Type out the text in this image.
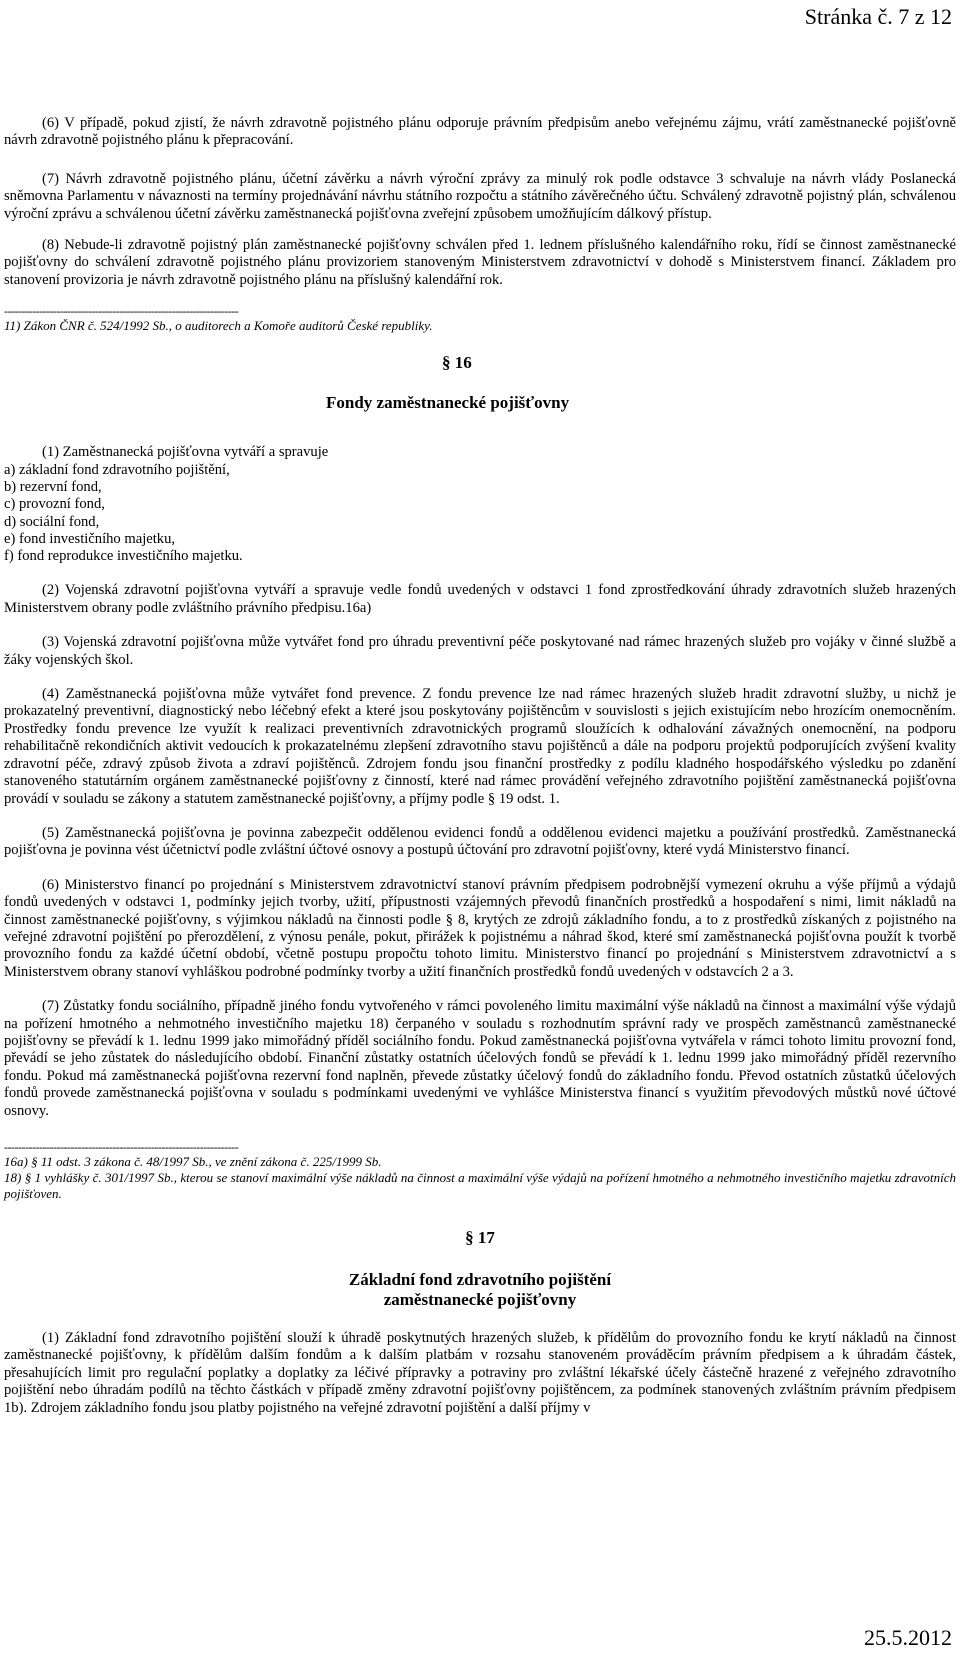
Stránka č. 7 z 12

(6) V případě, pokud zjistí, že návrh zdravotně pojistného plánu odporuje právním předpisům anebo veřejnému zájmu, vrátí zaměstnanecké pojišťovně návrh zdravotně pojistného plánu k přepracování.

(7) Návrh zdravotně pojistného plánu, účetní závěrku a návrh výroční zprávy za minulý rok podle odstavce 3 schvaluje na návrh vlády Poslanecká sněmovna Parlamentu v návaznosti na termíny projednávání návrhu státního rozpočtu a státního závěrečného účtu. Schválený zdravotně pojistný plán, schválenou výroční zprávu a schválenou účetní závěrku zaměstnanecká pojišťovna zveřejní způsobem umožňujícím dálkový přístup.

(8) Nebude-li zdravotně pojistný plán zaměstnanecké pojišťovny schválen před 1. lednem příslušného kalendářního roku, řídí se činnost zaměstnanecké pojišťovny do schválení zdravotně pojistného plánu provizoriem stanoveným Ministerstvem zdravotnictví v dohodě s Ministerstvem financí. Základem pro stanovení provizoria je návrh zdravotně pojistného plánu na příslušný kalendářní rok.

-------------------------------------------------------------------

11) Zákon ČNR č. 524/1992 Sb., o auditorech a Komoře auditorů České republiky.

§ 16
Fondy zaměstnanecké pojišťovny

(1) Zaměstnanecká pojišťovna vytváří a spravuje

a) základní fond zdravotního pojištění,
b) rezervní fond,
c) provozní fond,
d) sociální fond,
e) fond investičního majetku,
f) fond reprodukce investičního majetku.

(2) Vojenská zdravotní pojišťovna vytváří a spravuje vedle fondů uvedených v odstavci 1 fond zprostředkování úhrady zdravotních služeb hrazených Ministerstvem obrany podle zvláštního právního předpisu.16a)

(3) Vojenská zdravotní pojišťovna může vytvářet fond pro úhradu preventivní péče poskytované nad rámec hrazených služeb pro vojáky v činné službě a žáky vojenských škol.

(4) Zaměstnanecká pojišťovna může vytvářet fond prevence. Z fondu prevence lze nad rámec hrazených služeb hradit zdravotní služby, u nichž je prokazatelný preventivní, diagnostický nebo léčebný efekt a které jsou poskytovány pojištěncům v souvislosti s jejich existujícím nebo hrozícím onemocněním. Prostředky fondu prevence lze využít k realizaci preventivních zdravotnických programů sloužících k odhalování závažných onemocnění, na podporu rehabilitačně rekondičních aktivit vedoucích k prokazatelnému zlepšení zdravotního stavu pojištěnců a dále na podporu projektů podporujících zvýšení kvality zdravotní péče, zdravý způsob života a zdraví pojištěnců. Zdrojem fondu jsou finanční prostředky z podílu kladného hospodářského výsledku po zdanění stanoveného statutárním orgánem zaměstnanecké pojišťovny z činností, které nad rámec provádění veřejného zdravotního pojištění zaměstnanecká pojišťovna provádí v souladu se zákony a statutem zaměstnanecké pojišťovny, a příjmy podle § 19 odst. 1.

(5) Zaměstnanecká pojišťovna je povinna zabezpečit oddělenou evidenci fondů a oddělenou evidenci majetku a používání prostředků. Zaměstnanecká pojišťovna je povinna vést účetnictví podle zvláštní účtové osnovy a postupů účtování pro zdravotní pojišťovny, které vydá Ministerstvo financí.

(6) Ministerstvo financí po projednání s Ministerstvem zdravotnictví stanoví právním předpisem podrobnější vymezení okruhu a výše příjmů a výdajů fondů uvedených v odstavci 1, podmínky jejich tvorby, užití, přípustnosti vzájemných převodů finančních prostředků a hospodaření s nimi, limit nákladů na činnost zaměstnanecké pojišťovny, s výjimkou nákladů na činnosti podle § 8, krytých ze zdrojů základního fondu, a to z prostředků získaných z pojistného na veřejné zdravotní pojištění po přerozdělení, z výnosu penále, pokut, přirážek k pojistnému a náhrad škod, které smí zaměstnanecká pojišťovna použít k tvorbě provozního fondu za každé účetní období, včetně postupu propočtu tohoto limitu. Ministerstvo financí po projednání s Ministerstvem zdravotnictví a s Ministerstvem obrany stanoví vyhláškou podrobné podmínky tvorby a užití finančních prostředků fondů uvedených v odstavcích 2 a 3.

(7) Zůstatky fondu sociálního, případně jiného fondu vytvořeného v rámci povoleného limitu maximální výše nákladů na činnost a maximální výše výdajů na pořízení hmotného a nehmotného investičního majetku 18) čerpaného v souladu s rozhodnutím správní rady ve prospěch zaměstnanců zaměstnanecké pojišťovny se převádí k 1. lednu 1999 jako mimořádný příděl sociálního fondu. Pokud zaměstnanecká pojišťovna vytvářela v rámci tohoto limitu provozní fond, převádí se jeho zůstatek do následujícího období. Finanční zůstatky ostatních účelových fondů se převádí k 1. lednu 1999 jako mimořádný příděl rezervního fondu. Pokud má zaměstnanecká pojišťovna rezervní fond naplněn, převede zůstatky účelový fondů do základního fondu. Převod ostatních zůstatků účelových fondů provede zaměstnanecká pojišťovna v souladu s podmínkami uvedenými ve vyhlášce Ministerstva financí s využitím převodových můstků nové účtové osnovy.

-------------------------------------------------------------------

16a) § 11 odst. 3 zákona č. 48/1997 Sb., ve znění zákona č. 225/1999 Sb.

18) § 1 vyhlášky č. 301/1997 Sb., kterou se stanoví maximální výše nákladů na činnost a maximální výše výdajů na pořízení hmotného a nehmotného investičního majetku zdravotních pojišťoven.

§ 17
Základní fond zdravotního pojištění
zaměstnanecké pojišťovny

(1) Základní fond zdravotního pojištění slouží k úhradě poskytnutých hrazených služeb, k přídělům do provozního fondu ke krytí nákladů na činnost zaměstnanecké pojišťovny, k přídělům dalším fondům a k dalším platbám v rozsahu stanoveném prováděcím právním předpisem a k úhradám částek, přesahujících limit pro regulační poplatky a doplatky za léčivé přípravky a potraviny pro zvláštní lékařské účely částečně hrazené z veřejného zdravotního pojištění nebo úhradám podílů na těchto částkách v případě změny zdravotní pojišťovny pojištěncem, za podmínek stanovených zvláštním právním předpisem 1b). Zdrojem základního fondu jsou platby pojistného na veřejné zdravotní pojištění a další příjmy v

25.5.2012
